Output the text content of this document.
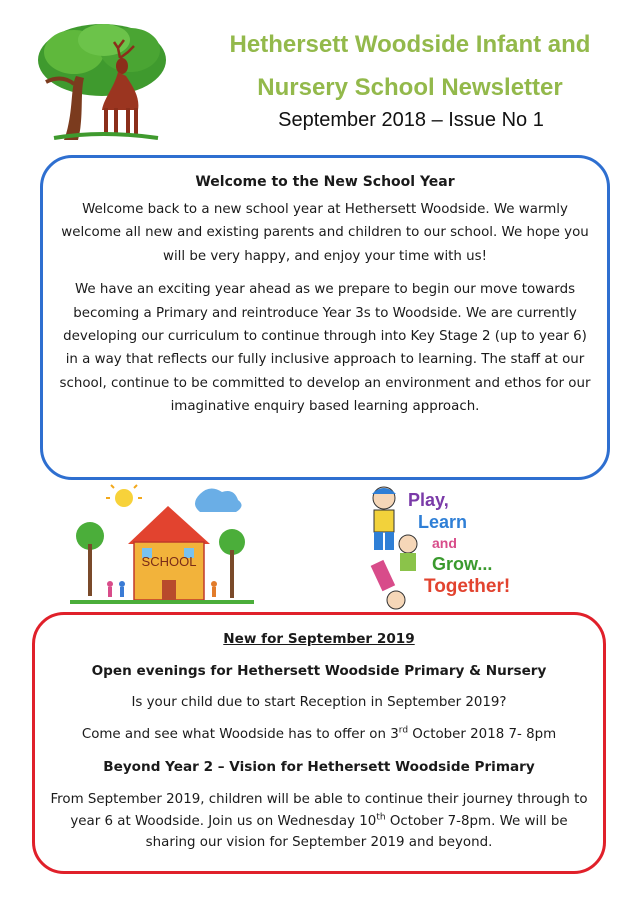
Hethersett Woodside Infant and
Nursery School Newsletter
September 2018 – Issue No 1
Welcome to the New School Year

Welcome back to a new school year at Hethersett Woodside. We warmly welcome all new and existing parents and children to our school. We hope you will be very happy, and enjoy your time with us!

We have an exciting year ahead as we prepare to begin our move towards becoming a Primary and reintroduce Year 3s to Woodside. We are currently developing our curriculum to continue through into Key Stage 2 (up to year 6) in a way that reflects our fully inclusive approach to learning. The staff at our school, continue to be committed to develop an environment and ethos for our imaginative enquiry based learning approach.

SCHOOL
Play,
Learn
and
Grow...
Together!

New for September 2019

Open evenings for Hethersett Woodside Primary & Nursery

Is your child due to start Reception in September 2019?

Come and see what Woodside has to offer on 3rd October 2018 7- 8pm

Beyond Year 2 – Vision for Hethersett Woodside Primary

From September 2019, children will be able to continue their journey through to year 6 at Woodside. Join us on Wednesday 10th October 7-8pm. We will be sharing our vision for September 2019 and beyond.
